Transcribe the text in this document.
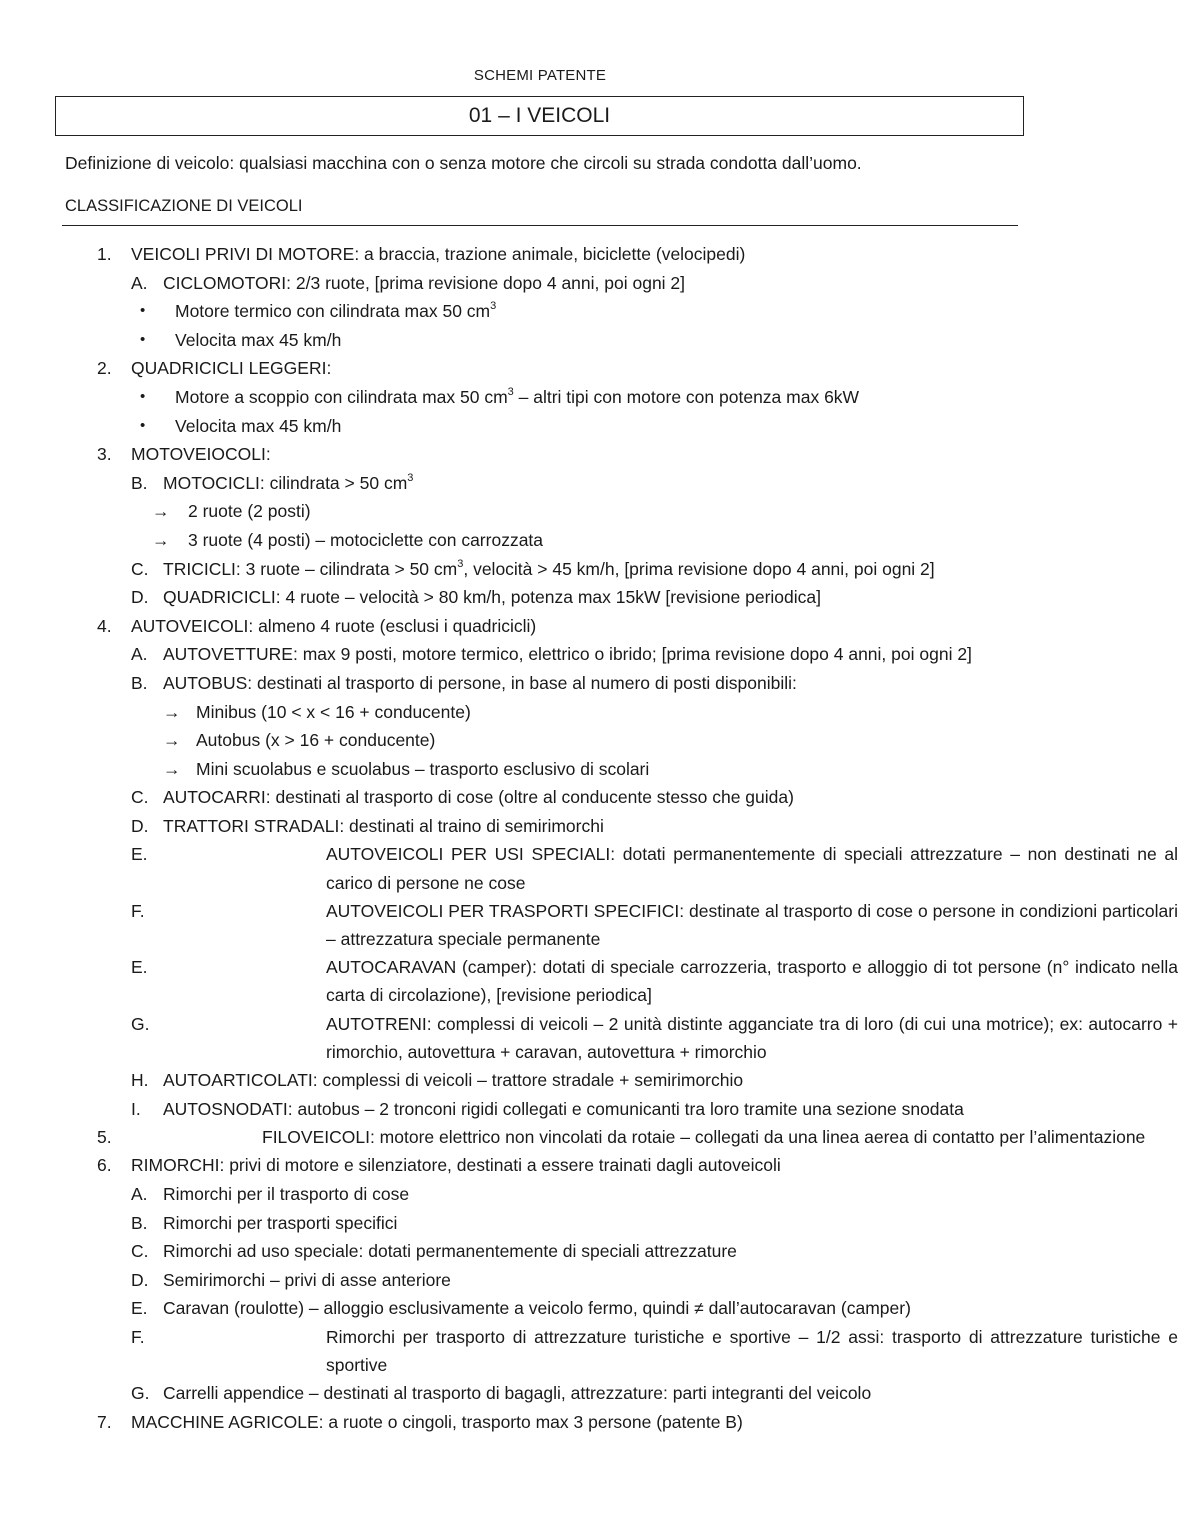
SCHEMI PATENTE
01 – I VEICOLI
Definizione di veicolo: qualsiasi macchina con o senza motore che circoli su strada condotta dall’uomo.
CLASSIFICAZIONE DI VEICOLI
1. VEICOLI PRIVI DI MOTORE: a braccia, trazione animale, biciclette (velocipedi)
A. CICLOMOTORI: 2/3 ruote, [prima revisione dopo 4 anni, poi ogni 2]
• Motore termico con cilindrata max 50 $cm^3$
• Velocita max 45 km/h
2. QUADRICICLI LEGGERI:
• Motore a scoppio con cilindrata max 50 $cm^3$ – altri tipi con motore con potenza max 6kW
• Velocita max 45 km/h
3. MOTOVEIOCOLI:
B. MOTOCICLI: cilindrata > 50 $cm^3$
→ 2 ruote (2 posti)
→ 3 ruote (4 posti) – motociclette con carrozzata
C. TRICICLI: 3 ruote – cilindrata > 50 $cm^3$, velocità > 45 km/h, [prima revisione dopo 4 anni, poi ogni 2]
D. QUADRICICLI: 4 ruote – velocità > 80 km/h, potenza max 15kW [revisione periodica]
4. AUTOVEICOLI: almeno 4 ruote (esclusi i quadricicli)
A. AUTOVETTURE: max 9 posti, motore termico, elettrico o ibrido; [prima revisione dopo 4 anni, poi ogni 2]
B. AUTOBUS: destinati al trasporto di persone, in base al numero di posti disponibili:
→ Minibus (10 < x < 16 + conducente)
→ Autobus (x > 16 + conducente)
→ Mini scuolabus e scuolabus – trasporto esclusivo di scolari
C. AUTOCARRI: destinati al trasporto di cose (oltre al conducente stesso che guida)
D. TRATTORI STRADALI: destinati al traino di semirimorchi
E.	AUTOVEICOLI PER USI SPECIALI: dotati permanentemente di speciali attrezzature – non destinati ne al carico di persone ne cose
F.	AUTOVEICOLI PER TRASPORTI SPECIFICI: destinate al trasporto di cose o persone in condizioni particolari – attrezzatura speciale permanente
E.	AUTOCARAVAN (camper): dotati di speciale carrozzeria, trasporto e alloggio di tot persone (n° indicato nella carta di circolazione), [revisione periodica]
G.	AUTOTRENI: complessi di veicoli – 2 unità distinte agganciate tra di loro (di cui una motrice); ex: autocarro + rimorchio, autovettura + caravan, autovettura + rimorchio
H. AUTOARTICOLATI: complessi di veicoli – trattore stradale + semirimorchio
I. AUTOSNODATI: autobus – 2 tronconi rigidi collegati e comunicanti tra loro tramite una sezione snodata
5.	FILOVEICOLI: motore elettrico non vincolati da rotaie – collegati da una linea aerea di contatto per l’alimentazione
6. RIMORCHI: privi di motore e silenziatore, destinati a essere trainati dagli autoveicoli
A. Rimorchi per il trasporto di cose
B. Rimorchi per trasporti specifici
C. Rimorchi ad uso speciale: dotati permanentemente di speciali attrezzature
D. Semirimorchi – privi di asse anteriore
E. Caravan (roulotte) – alloggio esclusivamente a veicolo fermo, quindi ≠ dall’autocaravan (camper)
F.	Rimorchi per trasporto di attrezzature turistiche e sportive – 1/2 assi: trasporto di attrezzature turistiche e sportive
G. Carrelli appendice – destinati al trasporto di bagagli, attrezzature: parti integranti del veicolo
7. MACCHINE AGRICOLE: a ruote o cingoli, trasporto max 3 persone (patente B)
